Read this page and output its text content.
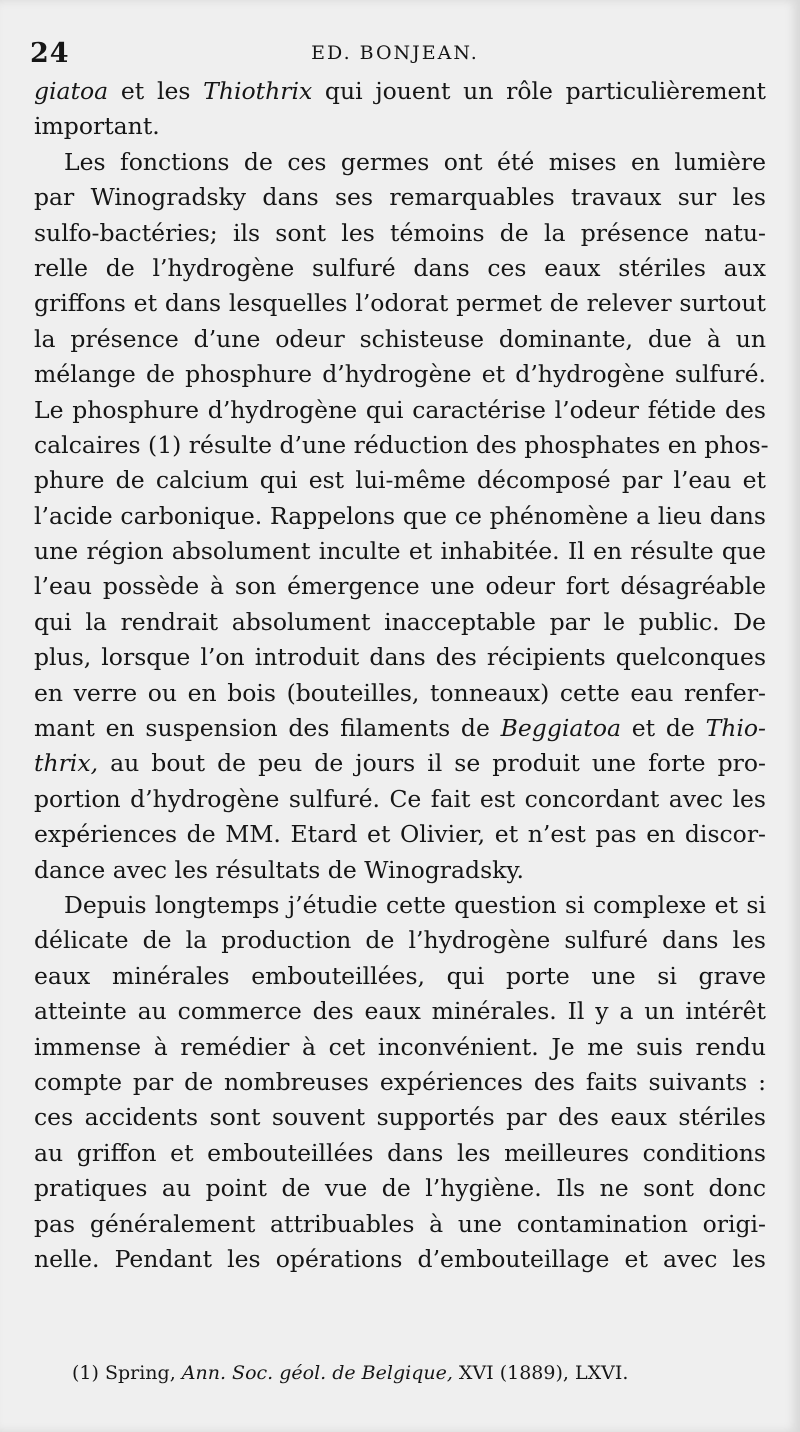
24	ED. BONJEAN.
giatoa et les Thiothrix qui jouent un rôle particulièrement
important.
Les fonctions de ces germes ont été mises en lumière
par Winogradsky dans ses remarquables travaux sur les
sulfo-bactéries; ils sont les témoins de la présence natu-
relle de l’hydrogène sulfuré dans ces eaux stériles aux
griffons et dans lesquelles l’odorat permet de relever surtout
la présence d’une odeur schisteuse dominante, due à un
mélange de phosphure d’hydrogène et d’hydrogène sulfuré.
Le phosphure d’hydrogène qui caractérise l’odeur fétide des
calcaires (1) résulte d’une réduction des phosphates en phos-
phure de calcium qui est lui-même décomposé par l’eau et
l’acide carbonique. Rappelons que ce phénomène a lieu dans
une région absolument inculte et inhabitée. Il en résulte que
l’eau possède à son émergence une odeur fort désagréable
qui la rendrait absolument inacceptable par le public. De
plus, lorsque l’on introduit dans des récipients quelconques
en verre ou en bois (bouteilles, tonneaux) cette eau renfer-
mant en suspension des filaments de Beggiatoa et de Thio-
thrix, au bout de peu de jours il se produit une forte pro-
portion d’hydrogène sulfuré. Ce fait est concordant avec les
expériences de MM. Etard et Olivier, et n’est pas en discor-
dance avec les résultats de Winogradsky.
Depuis longtemps j’étudie cette question si complexe et si
délicate de la production de l’hydrogène sulfuré dans les
eaux minérales embouteillées, qui porte une si grave
atteinte au commerce des eaux minérales. Il y a un intérêt
immense à remédier à cet inconvénient. Je me suis rendu
compte par de nombreuses expériences des faits suivants :
ces accidents sont souvent supportés par des eaux stériles
au griffon et embouteillées dans les meilleures conditions
pratiques au point de vue de l’hygiène. Ils ne sont donc
pas généralement attribuables à une contamination origi-
nelle. Pendant les opérations d’embouteillage et avec les
(1) Spring, Ann. Soc. géol. de Belgique, XVI (1889), LXVI.
